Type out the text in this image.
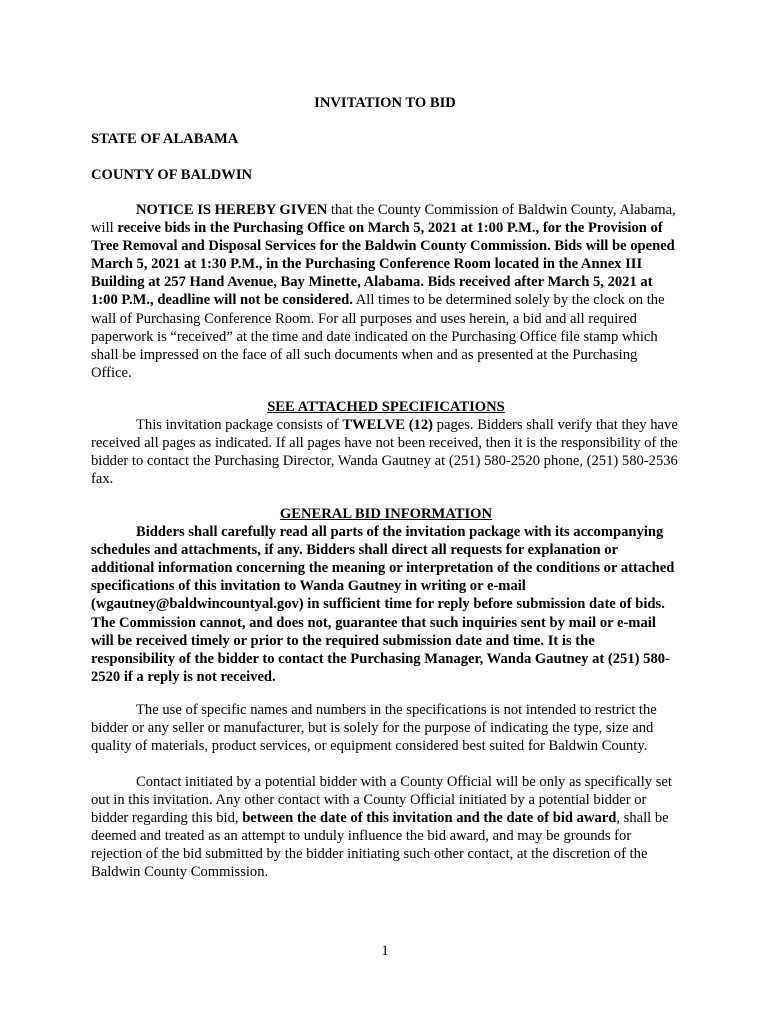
INVITATION TO BID
STATE OF ALABAMA
COUNTY OF BALDWIN
NOTICE IS HEREBY GIVEN that the County Commission of Baldwin County, Alabama, will receive bids in the Purchasing Office on March 5, 2021 at 1:00 P.M., for the Provision of Tree Removal and Disposal Services for the Baldwin County Commission. Bids will be opened March 5, 2021 at 1:30 P.M., in the Purchasing Conference Room located in the Annex III Building at 257 Hand Avenue, Bay Minette, Alabama. Bids received after March 5, 2021 at 1:00 P.M., deadline will not be considered. All times to be determined solely by the clock on the wall of Purchasing Conference Room. For all purposes and uses herein, a bid and all required paperwork is “received” at the time and date indicated on the Purchasing Office file stamp which shall be impressed on the face of all such documents when and as presented at the Purchasing Office.
SEE ATTACHED SPECIFICATIONS
This invitation package consists of TWELVE (12) pages. Bidders shall verify that they have received all pages as indicated. If all pages have not been received, then it is the responsibility of the bidder to contact the Purchasing Director, Wanda Gautney at (251) 580-2520 phone, (251) 580-2536 fax.
GENERAL BID INFORMATION
Bidders shall carefully read all parts of the invitation package with its accompanying schedules and attachments, if any. Bidders shall direct all requests for explanation or additional information concerning the meaning or interpretation of the conditions or attached specifications of this invitation to Wanda Gautney in writing or e-mail (wgautney@baldwincountyal.gov) in sufficient time for reply before submission date of bids. The Commission cannot, and does not, guarantee that such inquiries sent by mail or e-mail will be received timely or prior to the required submission date and time. It is the responsibility of the bidder to contact the Purchasing Manager, Wanda Gautney at (251) 580-2520 if a reply is not received.
The use of specific names and numbers in the specifications is not intended to restrict the bidder or any seller or manufacturer, but is solely for the purpose of indicating the type, size and quality of materials, product services, or equipment considered best suited for Baldwin County.
Contact initiated by a potential bidder with a County Official will be only as specifically set out in this invitation. Any other contact with a County Official initiated by a potential bidder or bidder regarding this bid, between the date of this invitation and the date of bid award, shall be deemed and treated as an attempt to unduly influence the bid award, and may be grounds for rejection of the bid submitted by the bidder initiating such other contact, at the discretion of the Baldwin County Commission.
1
